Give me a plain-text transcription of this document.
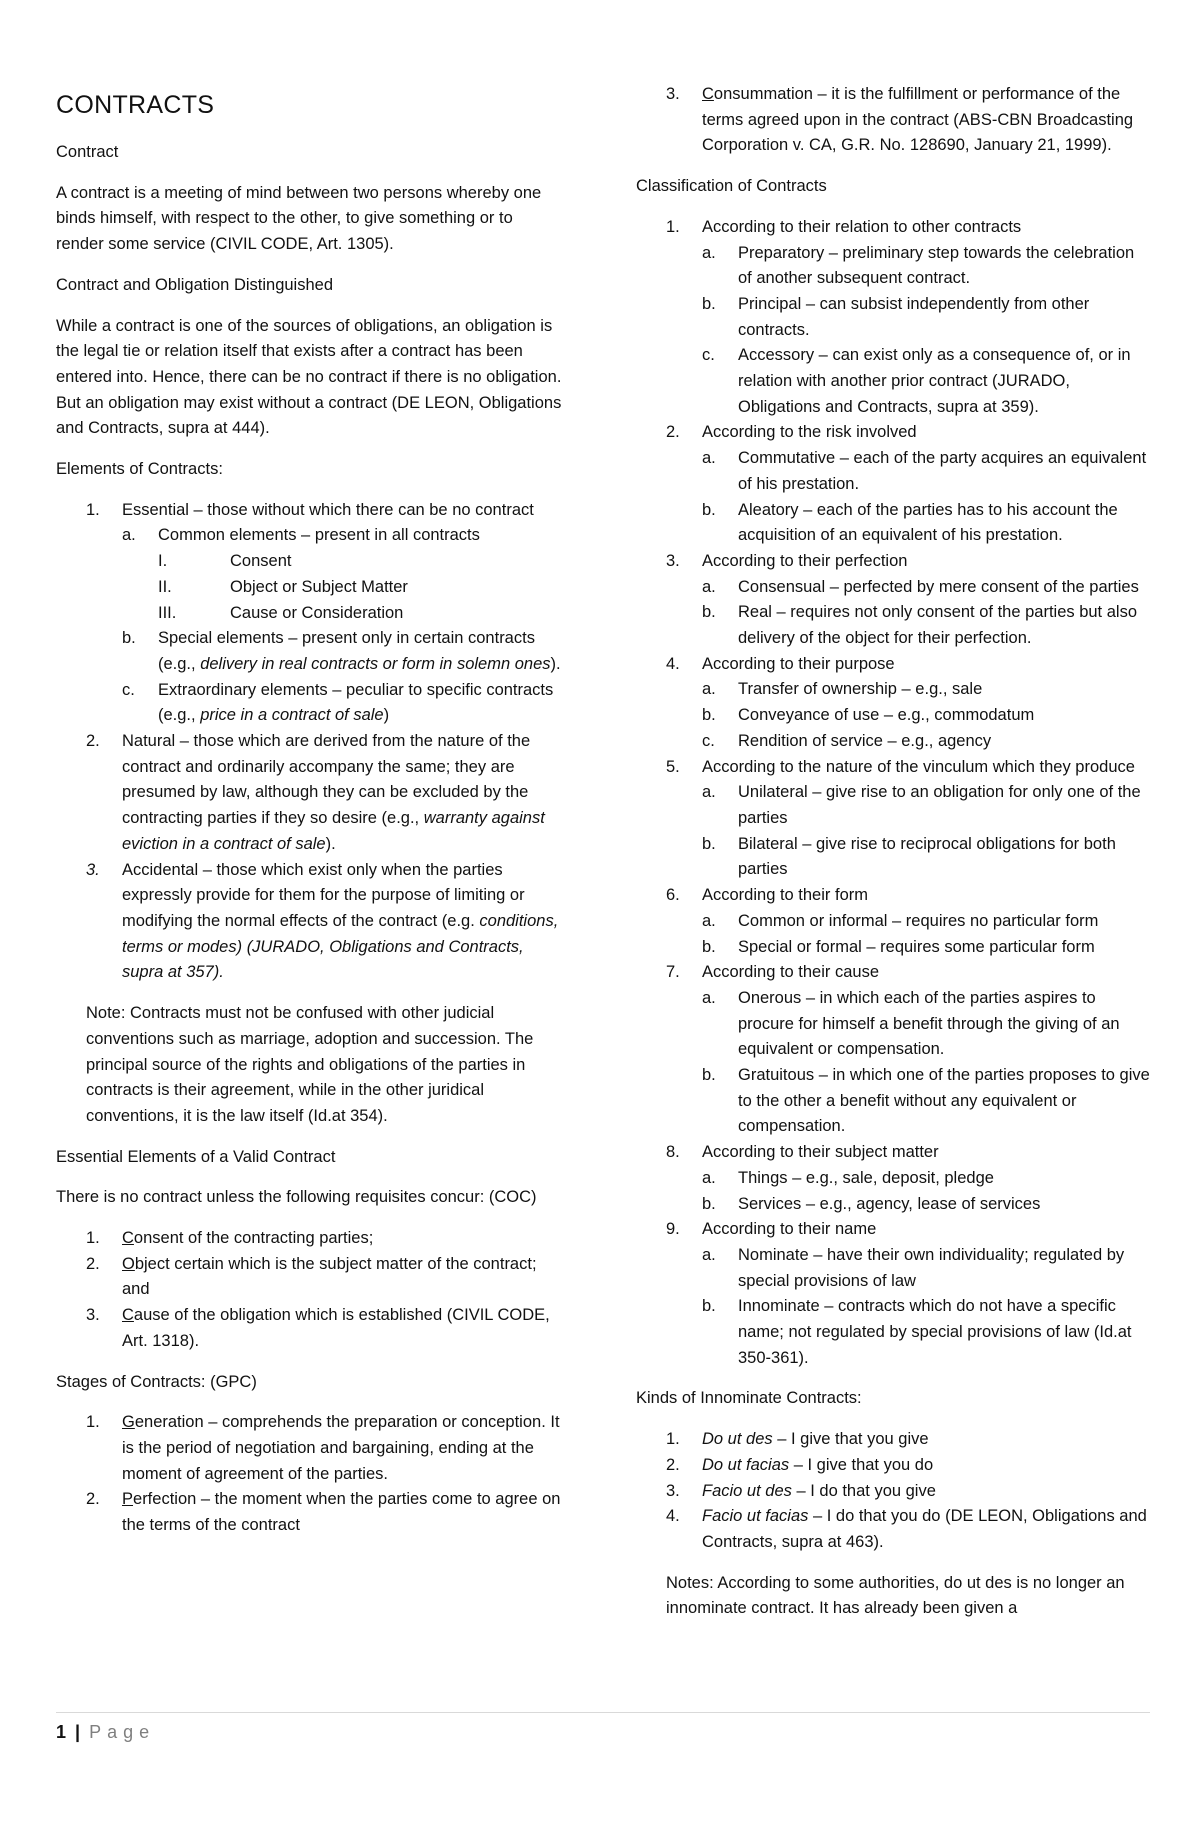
CONTRACTS
Contract

A contract is a meeting of mind between two persons whereby one binds himself, with respect to the other, to give something or to render some service (CIVIL CODE, Art. 1305).

Contract and Obligation Distinguished

While a contract is one of the sources of obligations, an obligation is the legal tie or relation itself that exists after a contract has been entered into. Hence, there can be no contract if there is no obligation. But an obligation may exist without a contract (DE LEON, Obligations and Contracts, supra at 444).

Elements of Contracts:
1. Essential – those without which there can be no contract
a. Common elements – present in all contracts
I.	Consent
II.	Object or Subject Matter
III.	Cause or Consideration
b. Special elements – present only in certain contracts (e.g., delivery in real contracts or form in solemn ones).
c. Extraordinary elements – peculiar to specific contracts (e.g., price in a contract of sale)
2. Natural – those which are derived from the nature of the contract and ordinarily accompany the same; they are presumed by law, although they can be excluded by the contracting parties if they so desire (e.g., warranty against eviction in a contract of sale).
3. Accidental – those which exist only when the parties expressly provide for them for the purpose of limiting or modifying the normal effects of the contract (e.g. conditions, terms or modes) (JURADO, Obligations and Contracts, supra at 357).

Note: Contracts must not be confused with other judicial conventions such as marriage, adoption and succession. The principal source of the rights and obligations of the parties in contracts is their agreement, while in the other juridical conventions, it is the law itself (Id.at 354).

Essential Elements of a Valid Contract

There is no contract unless the following requisites concur: (COC)

1. Consent of the contracting parties;
2. Object certain which is the subject matter of the contract; and
3. Cause of the obligation which is established (CIVIL CODE, Art. 1318).
Stages of Contracts: (GPC)
1. Generation – comprehends the preparation or conception. It is the period of negotiation and bargaining, ending at the moment of agreement of the parties.
2. Perfection – the moment when the parties come to agree on the terms of the contract
3. Consummation – it is the fulfillment or performance of the terms agreed upon in the contract (ABS-CBN Broadcasting Corporation v. CA, G.R. No. 128690, January 21, 1999).
Classification of Contracts
1. According to their relation to other contracts
a. Preparatory – preliminary step towards the celebration of another subsequent contract.
b. Principal – can subsist independently from other contracts.
c. Accessory – can exist only as a consequence of, or in relation with another prior contract (JURADO, Obligations and Contracts, supra at 359).
2. According to the risk involved
a. Commutative – each of the party acquires an equivalent of his prestation.
b. Aleatory – each of the parties has to his account the acquisition of an equivalent of his prestation.
3. According to their perfection
a. Consensual – perfected by mere consent of the parties
b. Real – requires not only consent of the parties but also delivery of the object for their perfection.
4. According to their purpose
a. Transfer of ownership – e.g., sale
b. Conveyance of use – e.g., commodatum
c. Rendition of service – e.g., agency
5. According to the nature of the vinculum which they produce
a. Unilateral – give rise to an obligation for only one of the parties
b. Bilateral – give rise to reciprocal obligations for both parties
6. According to their form
a. Common or informal – requires no particular form
b. Special or formal – requires some particular form
7. According to their cause
a. Onerous – in which each of the parties aspires to procure for himself a benefit through the giving of an equivalent or compensation.
b. Gratuitous – in which one of the parties proposes to give to the other a benefit without any equivalent or compensation.
8. According to their subject matter
a. Things – e.g., sale, deposit, pledge
b. Services – e.g., agency, lease of services
9. According to their name
a. Nominate – have their own individuality; regulated by special provisions of law
b. Innominate – contracts which do not have a specific name; not regulated by special provisions of law (Id.at 350-361).
Kinds of Innominate Contracts:
1. Do ut des – I give that you give
2. Do ut facias – I give that you do
3. Facio ut des – I do that you give
4. Facio ut facias – I do that you do (DE LEON, Obligations and Contracts, supra at 463).

Notes: According to some authorities, do ut des is no longer an innominate contract. It has already been given a

1 | Page
